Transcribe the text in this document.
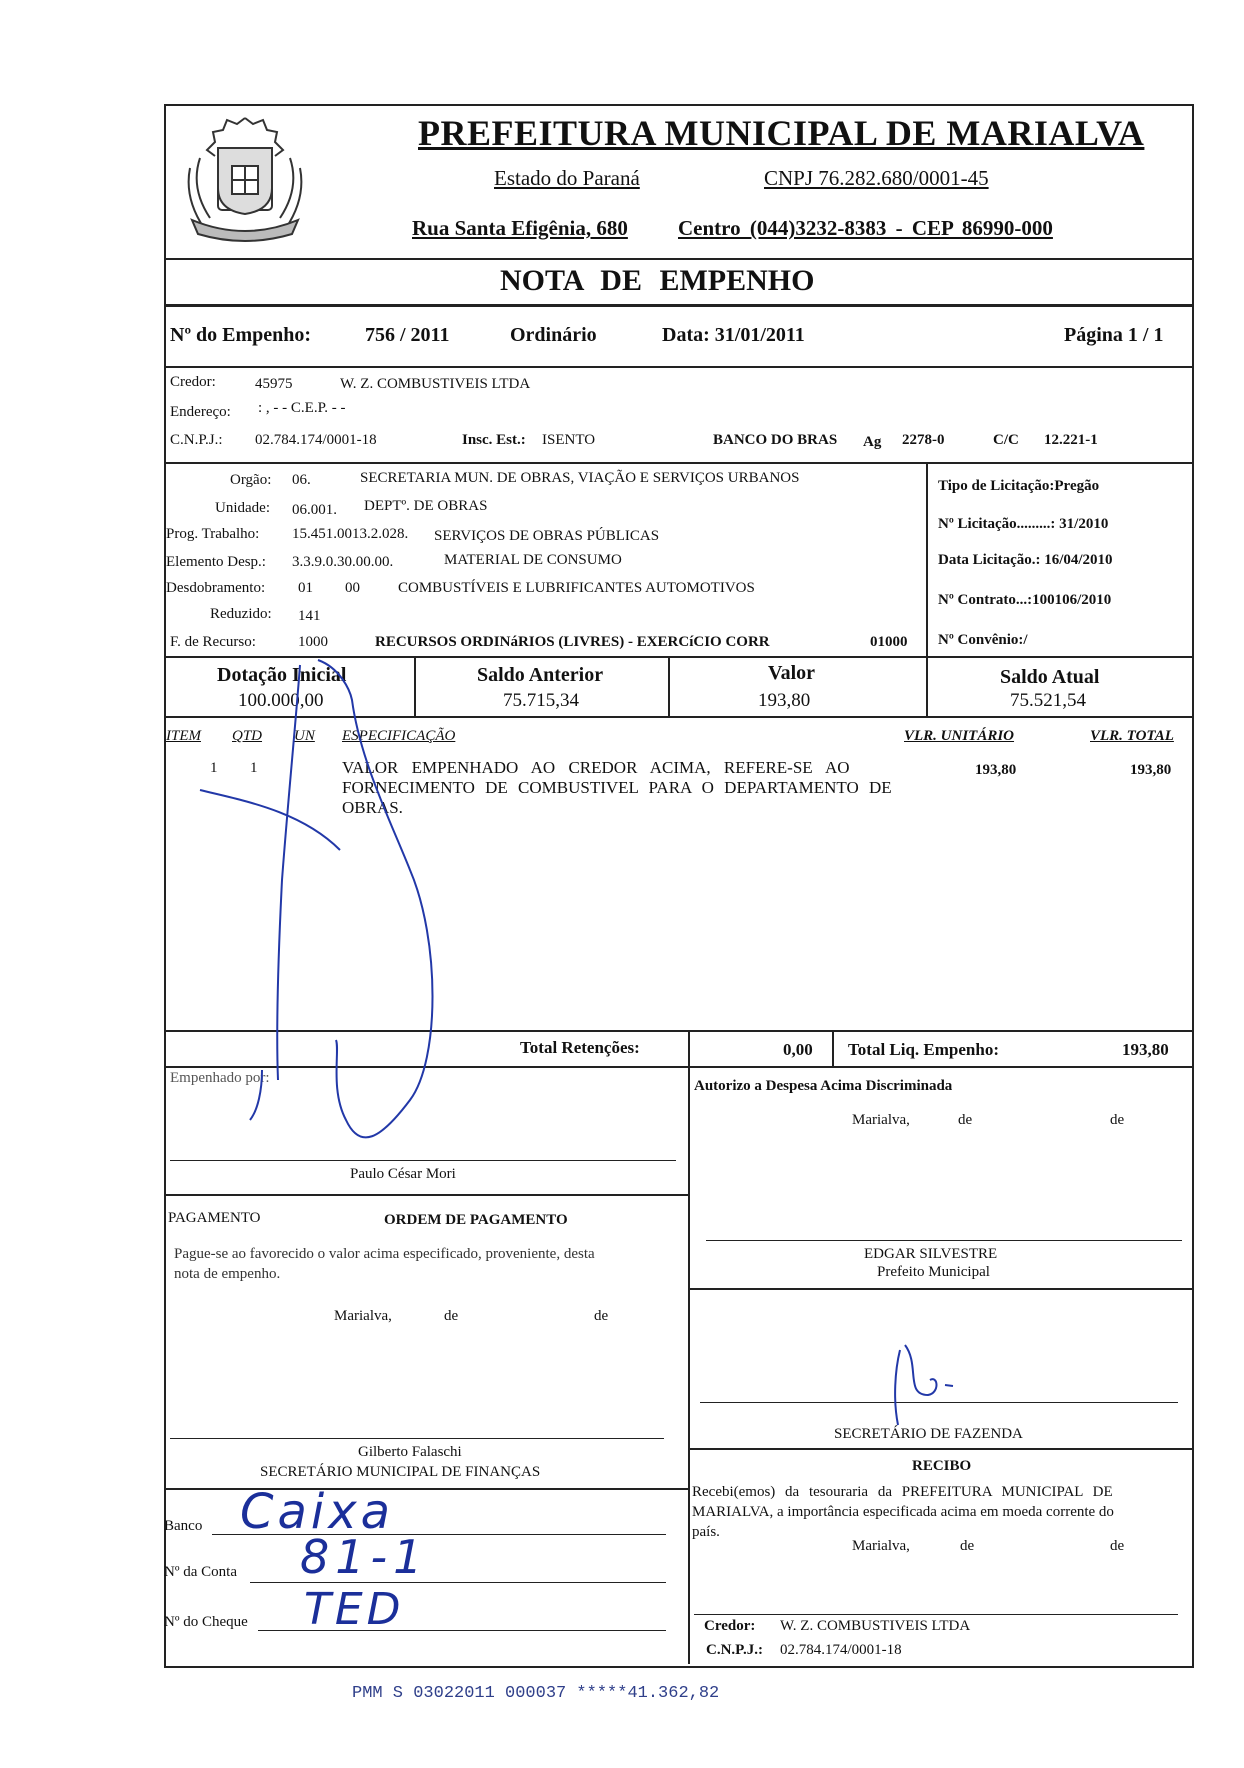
PREFEITURA MUNICIPAL DE MARIALVA
Estado do Paraná	CNPJ 76.282.680/0001-45
Rua Santa Efigênia, 680 Centro (044)3232-8383 - CEP 86990-000
NOTA DE EMPENHO
Nº do Empenho:	756 / 2011	Ordinário	Data: 31/01/2011	Página 1 / 1
Credor:	45975	W. Z. COMBUSTIVEIS LTDA
Endereço: : , - - C.E.P. - -
C.N.P.J.: 02.784.174/0001-18	Insc. Est.: ISENTO	BANCO DO BRAS Ag 2278-0	C/C 12.221-1
Orgão: 06.	SECRETARIA MUN. DE OBRAS, VIAÇÃO E SERVIÇOS URBANOS
Unidade: 06.001. DEPTº. DE OBRAS
Prog. Trabalho: 15.451.0013.2.028. SERVIÇOS DE OBRAS PÚBLICAS
Elemento Desp.: 3.3.9.0.30.00.00.	MATERIAL DE CONSUMO
Desdobramento: 01 00	COMBUSTÍVEIS E LUBRIFICANTES AUTOMOTIVOS
Reduzido: 141
F. de Recurso:	1000	RECURSOS ORDINáRIOS (LIVRES) - EXERCíCIO CORR	01000
Tipo de Licitação:Pregão
Nº Licitação.........: 31/2010
Data Licitação.: 16/04/2010
Nº Contrato...:100106/2010
Nº Convênio:/
Dotação Inicial
100.000,00
Saldo Anterior
75.715,34
Valor
193,80
Saldo Atual
75.521,54
ITEM QTD UN ESPECIFICAÇÃO	VLR. UNITÁRIO	VLR. TOTAL
1 1	VALOR EMPENHADO AO CREDOR ACIMA, REFERE-SE AO
FORNECIMENTO DE COMBUSTIVEL PARA O DEPARTAMENTO DE
OBRAS.
193,80	193,80
Total Retenções:	0,00 Total Liq. Empenho:	193,80
Empenhado por:
Paulo César Mori
Autorizo a Despesa Acima Discriminada
Marialva,	de	de
EDGAR SILVESTRE
Prefeito Municipal
SECRETÁRIO DE FAZENDA
PAGAMENTO	ORDEM DE PAGAMENTO
Pague-se ao favorecido o valor acima especificado, proveniente, desta
nota de empenho.
Marialva,	de	de
Gilberto Falaschi
SECRETÁRIO MUNICIPAL DE FINANÇAS
Banco Caixa
Nº da Conta 81-1
Nº do Cheque TED
RECIBO
Recebi(emos) da tesouraria da PREFEITURA MUNICIPAL DE
MARIALVA, a importância especificada acima em moeda corrente do
país.
Marialva,	de	de
Credor: W. Z. COMBUSTIVEIS LTDA
C.N.P.J.: 02.784.174/0001-18
PMM S 03022011 000037 *****41.362,82
